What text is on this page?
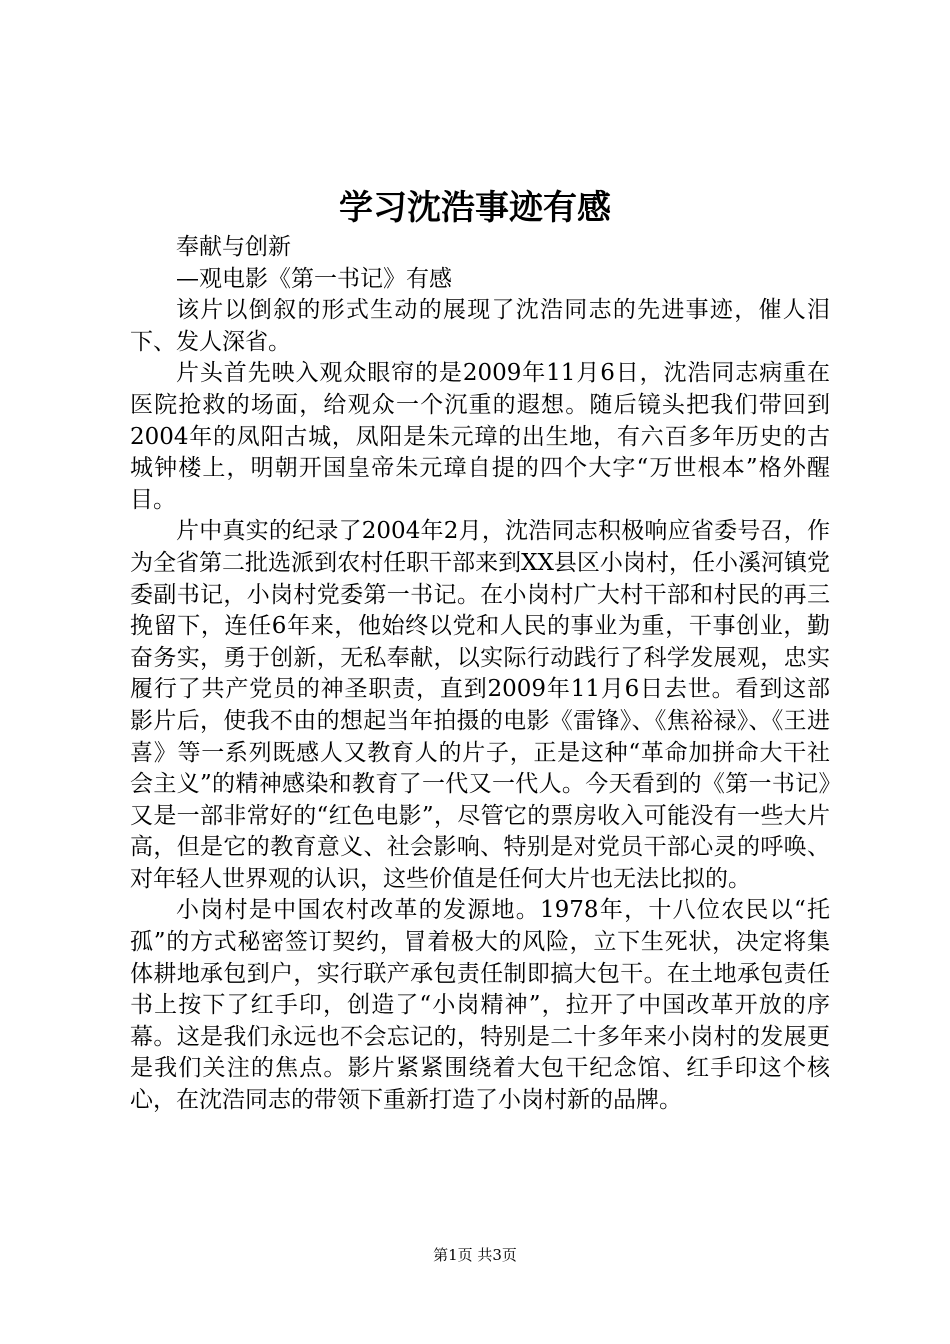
学习沈浩事迹有感

奉献与创新

—观电影《第一书记》有感

该片以倒叙的形式生动的展现了沈浩同志的先进事迹，催人泪下、发人深省。

片头首先映入观众眼帘的是2009年11月6日，沈浩同志病重在医院抢救的场面，给观众一个沉重的遐想。随后镜头把我们带回到2004年的凤阳古城，凤阳是朱元璋的出生地，有六百多年历史的古城钟楼上，明朝开国皇帝朱元璋自提的四个大字“万世根本”格外醒目。

片中真实的纪录了2004年2月，沈浩同志积极响应省委号召，作为全省第二批选派到农村任职干部来到XX县区小岗村，任小溪河镇党委副书记，小岗村党委第一书记。在小岗村广大村干部和村民的再三挽留下，连任6年来，他始终以党和人民的事业为重，干事创业，勤奋务实，勇于创新，无私奉献，以实际行动践行了科学发展观，忠实履行了共产党员的神圣职责，直到2009年11月6日去世。看到这部影片后，使我不由的想起当年拍摄的电影《雷锋》、《焦裕禄》、《王进喜》等一系列既感人又教育人的片子，正是这种“革命加拼命大干社会主义”的精神感染和教育了一代又一代人。今天看到的《第一书记》又是一部非常好的“红色电影”，尽管它的票房收入可能没有一些大片高，但是它的教育意义、社会影响、特别是对党员干部心灵的呼唤、对年轻人世界观的认识，这些价值是任何大片也无法比拟的。

小岗村是中国农村改革的发源地。1978年，十八位农民以“托孤”的方式秘密签订契约，冒着极大的风险，立下生死状，决定将集体耕地承包到户，实行联产承包责任制即搞大包干。在土地承包责任书上按下了红手印，创造了“小岗精神”，拉开了中国改革开放的序幕。这是我们永远也不会忘记的，特别是二十多年来小岗村的发展更是我们关注的焦点。影片紧紧围绕着大包干纪念馆、红手印这个核心，在沈浩同志的带领下重新打造了小岗村新的品牌。

第1页 共3页
